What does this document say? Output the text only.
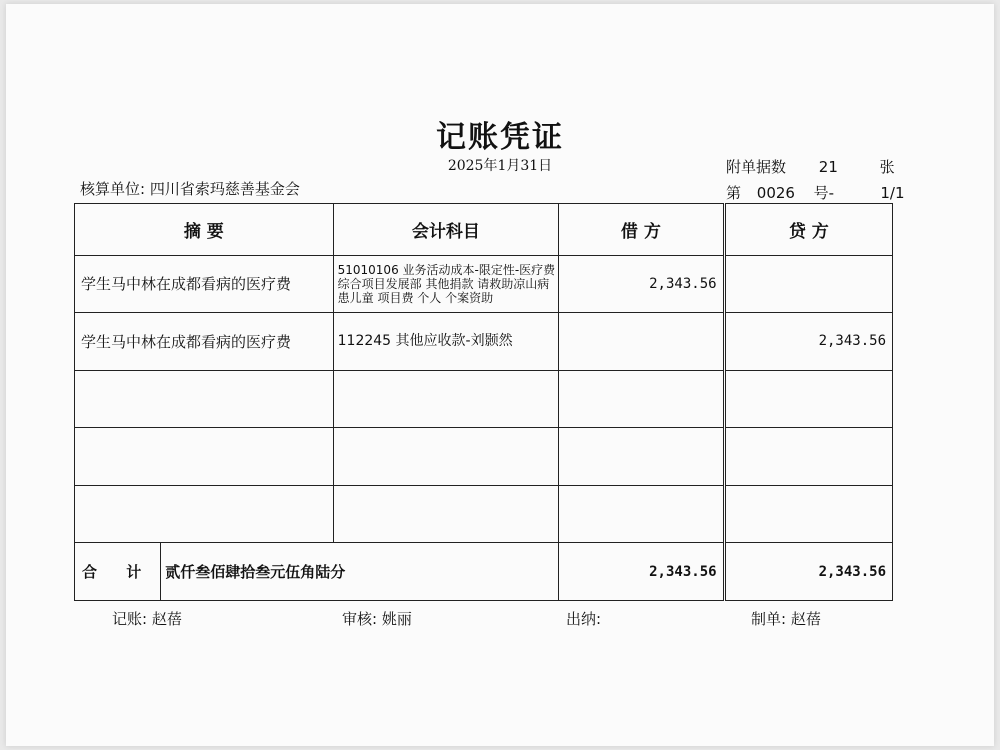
记账凭证
2025年1月31日
核算单位: 四川省索玛慈善基金会
附单据数 21	张
第 0026 号-	1/1
摘 要		会计科目	借 方	贷 方
学生马中林在成都看病的医疗费		51010106 业务活动成本-限定性-医疗费 综合项目发展部 其他捐款 请救助凉山病患儿童 项目费 个人 个案资助	2,343.56	
学生马中林在成都看病的医疗费		112245 其他应收款-刘颢然		2,343.56

合 计	贰仟叁佰肆拾叁元伍角陆分		2,343.56	2,343.56
记账: 赵蓓	审核: 姚丽	出纳:	制单: 赵蓓
